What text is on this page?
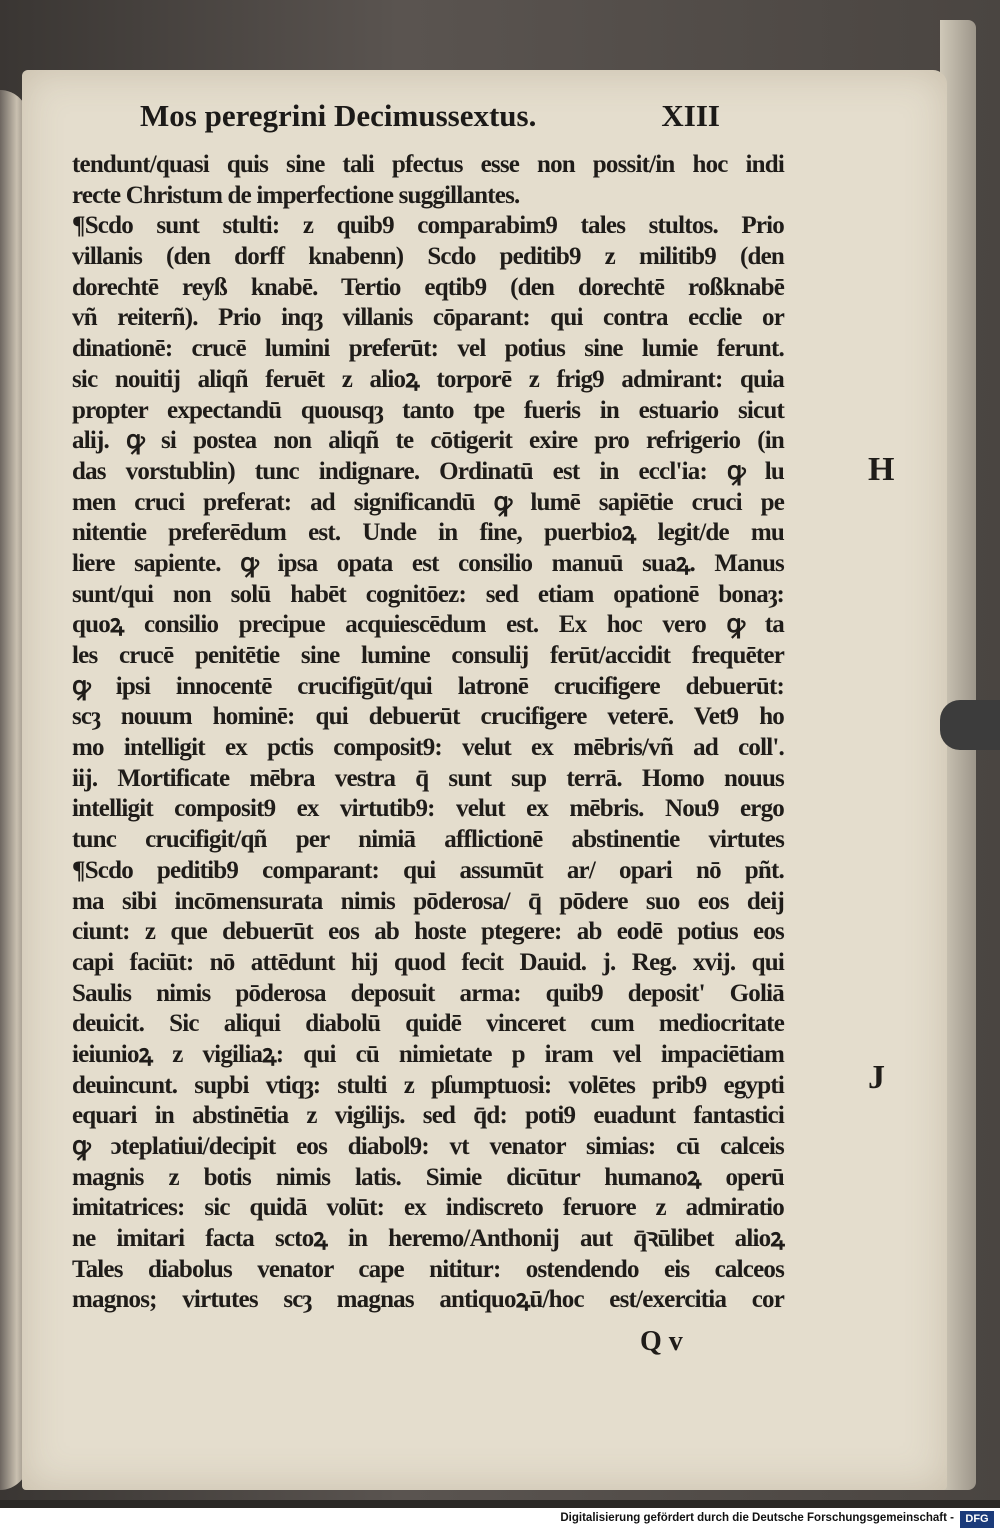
Mos peregrini Decimussextus.	XIII
tendunt/quasi quis sine tali pfectus esse non possit/in hoc indi
recte Christum de imperfectione suggillantes.
¶Scdo sunt stulti: z quib9 comparabim9 tales stultos. Prio
villanis (den dorff knabenn) Scdo peditib9 z militib9 (den
dorechtē reyß knabē. Tertio eqtib9 (den dorechtē roßknabē
vñ reiterñ). Prio inqȝ villanis cōparant: qui contra ecclie or
dinationē: crucē lumini preferūt: vel potius sine lumie ferunt.
sic nouitij aliqñ feruēt z alioꝝ torporē z frig9 admirant: quia
propter expectandū quousqȝ tanto tpe fueris in estuario sicut
alij. ꝙ si postea non aliqñ te cōtigerit exire pro refrigerio (in
das vorstublin) tunc indignare. Ordinatū est in eccl'ia: ꝙ lu
men cruci preferat: ad significandū ꝙ lumē sapiētie cruci pe
nitentie preferēdum est. Unde in fine, puerbioꝝ legit/de mu
liere sapiente. ꝙ ipsa opata est consilio manuū suaꝝ. Manus
sunt/qui non solū habēt cognitōez: sed etiam opationē bonaȝ:
quoꝝ consilio precipue acquiescēdum est. Ex hoc vero ꝙ ta
les crucē penitētie sine lumine consulij ferūt/accidit frequēter
ꝙ ipsi innocentē crucifigūt/qui latronē crucifigere debuerūt:
scȝ nouum hominē: qui debuerūt crucifigere veterē. Vet9 ho
mo intelligit ex pctis composit9: velut ex mēbris/vñ ad coll'.
iij. Mortificate mēbra vestra q̄ sunt sup terrā. Homo nouus
intelligit composit9 ex virtutib9: velut ex mēbris. Nou9 ergo
tunc crucifigit/qñ per nimiā afflictionē abstinentie virtutes
¶Scdo peditib9 comparant: qui assumūt ar/ opari nō pñt.
ma sibi incōmensurata nimis pōderosa/ q̄ pōdere suo eos deij
ciunt: z que debuerūt eos ab hoste ptegere: ab eodē potius eos
capi faciūt: nō attēdunt hij quod fecit Dauid. j. Reg. xvij. qui
Saulis nimis pōderosa deposuit arma: quib9 deposit' Goliā
deuicit. Sic aliqui diabolū quidē vinceret cum mediocritate
ieiunioꝝ z vigiliaꝝ: qui cū nimietate p iram vel impaciētiam
deuincunt. supbi vtiqȝ: stulti z pſumptuosi: volētes prib9 egypti
equari in abstinētia z vigilijs. sed q̄d: poti9 euadunt fantastici
ꝙ ɔteplatiui/decipit eos diabol9: vt venator simias: cū calceis
magnis z botis nimis latis. Simie dicūtur humanoꝝ operū
imitatrices: sic quidā volūt: ex indiscreto feruore z admiratio
ne imitari facta sctoꝝ in heremo/Anthonij aut q̄ꝛūlibet alioꝝ
Tales diabolus venator cape nititur: ostendendo eis calceos
magnos; virtutes scȝ magnas antiquoꝝū/hoc est/exercitia cor
H
J
Q v
Digitalisierung gefördert durch die Deutsche Forschungsgemeinschaft -	DFG
